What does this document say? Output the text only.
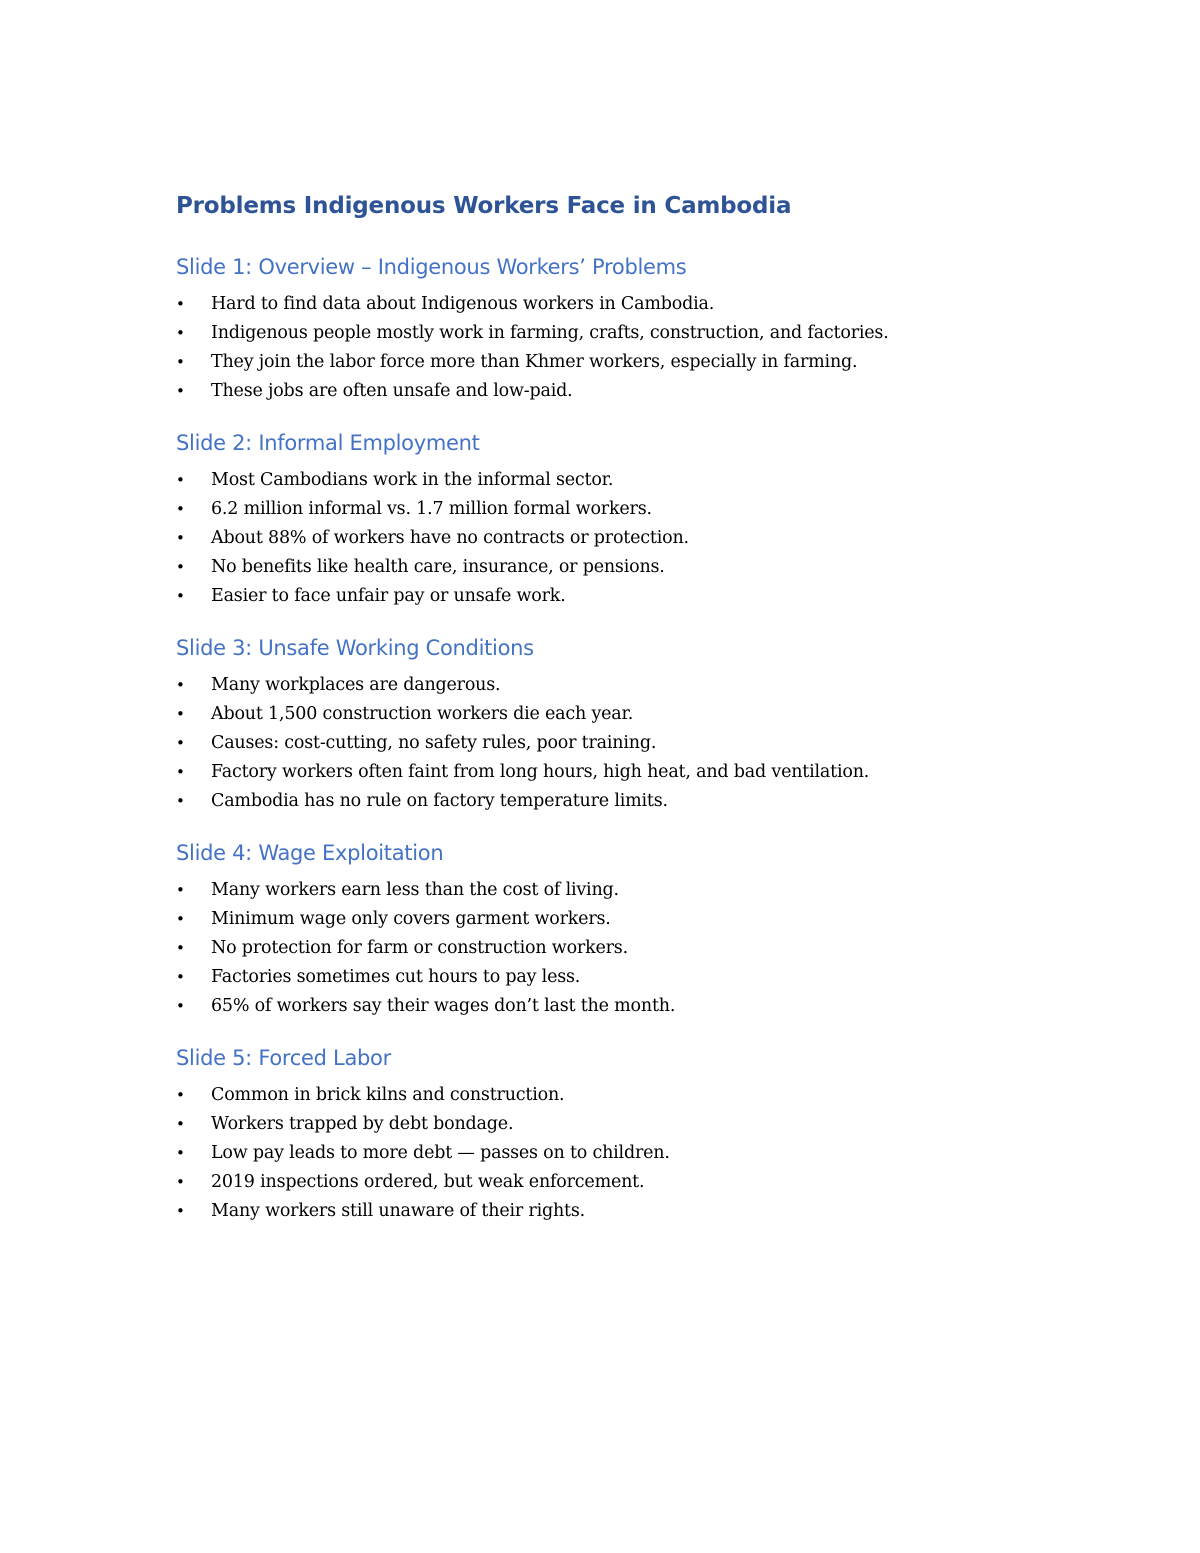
Problems Indigenous Workers Face in Cambodia
Slide 1: Overview – Indigenous Workers’ Problems
• Hard to find data about Indigenous workers in Cambodia.
• Indigenous people mostly work in farming, crafts, construction, and factories.
• They join the labor force more than Khmer workers, especially in farming.
• These jobs are often unsafe and low-paid.
Slide 2: Informal Employment
• Most Cambodians work in the informal sector.
• 6.2 million informal vs. 1.7 million formal workers.
• About 88% of workers have no contracts or protection.
• No benefits like health care, insurance, or pensions.
• Easier to face unfair pay or unsafe work.
Slide 3: Unsafe Working Conditions
• Many workplaces are dangerous.
• About 1,500 construction workers die each year.
• Causes: cost-cutting, no safety rules, poor training.
• Factory workers often faint from long hours, high heat, and bad ventilation.
• Cambodia has no rule on factory temperature limits.
Slide 4: Wage Exploitation
• Many workers earn less than the cost of living.
• Minimum wage only covers garment workers.
• No protection for farm or construction workers.
• Factories sometimes cut hours to pay less.
• 65% of workers say their wages don’t last the month.
Slide 5: Forced Labor
• Common in brick kilns and construction.
• Workers trapped by debt bondage.
• Low pay leads to more debt — passes on to children.
• 2019 inspections ordered, but weak enforcement.
• Many workers still unaware of their rights.
